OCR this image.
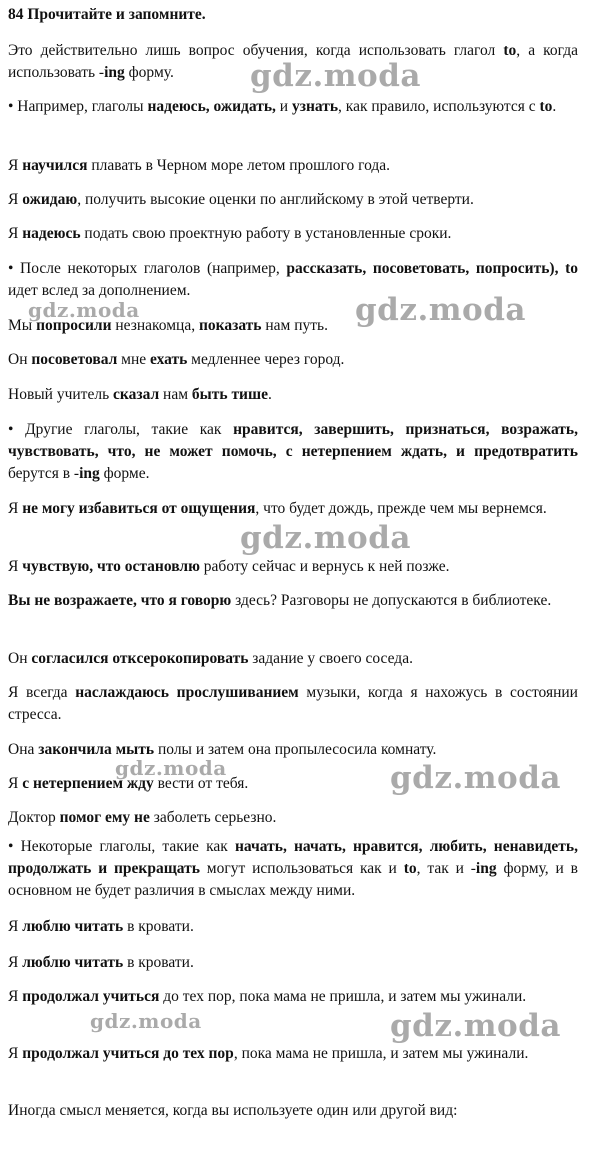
84 Прочитайте и запомните.
Это действительно лишь вопрос обучения, когда использовать глагол to, а когда использовать -ing форму.
• Например, глаголы надеюсь, ожидать, и узнать, как правило, используются с to.
Я научился плавать в Черном море летом прошлого года.
Я ожидаю, получить высокие оценки по английскому в этой четверти.
Я надеюсь подать свою проектную работу в установленные сроки.
• После некоторых глаголов (например, рассказать, посоветовать, попросить), to идет вслед за дополнением.
Мы попросили незнакомца, показать нам путь.
Он посоветовал мне ехать медленнее через город.
Новый учитель сказал нам быть тише.
• Другие глаголы, такие как нравится, завершить, признаться, возражать, чувствовать, что, не может помочь, с нетерпением ждать, и предотвратить берутся в -ing форме.
Я не могу избавиться от ощущения, что будет дождь, прежде чем мы вернемся.
Я чувствую, что остановлю работу сейчас и вернусь к ней позже.
Вы не возражаете, что я говорю здесь? Разговоры не допускаются в библиотеке.
Он согласился откcерокопировать задание у своего соседа.
Я всегда наслаждаюсь прослушиванием музыки, когда я нахожусь в состоянии стресса.
Она закончила мыть полы и затем она пропылесосила комнату.
Я с нетерпением жду вести от тебя.
Доктор помог ему не заболеть серьезно.
• Некоторые глаголы, такие как начать, начать, нравится, любить, ненавидеть, продолжать и прекращать могут использоваться как и to, так и -ing форму, и в основном не будет различия в смыслах между ними.
Я люблю читать в кровати.
Я люблю читать в кровати.
Я продолжал учиться до тех пор, пока мама не пришла, и затем мы ужинали.
Я продолжал учиться до тех пор, пока мама не пришла, и затем мы ужинали.
Иногда смысл меняется, когда вы используете один или другой вид:
gdz.moda
gdz.moda	gdz.moda
gdz.moda
gdz.moda	gdz.moda
gdz.moda	gdz.moda
